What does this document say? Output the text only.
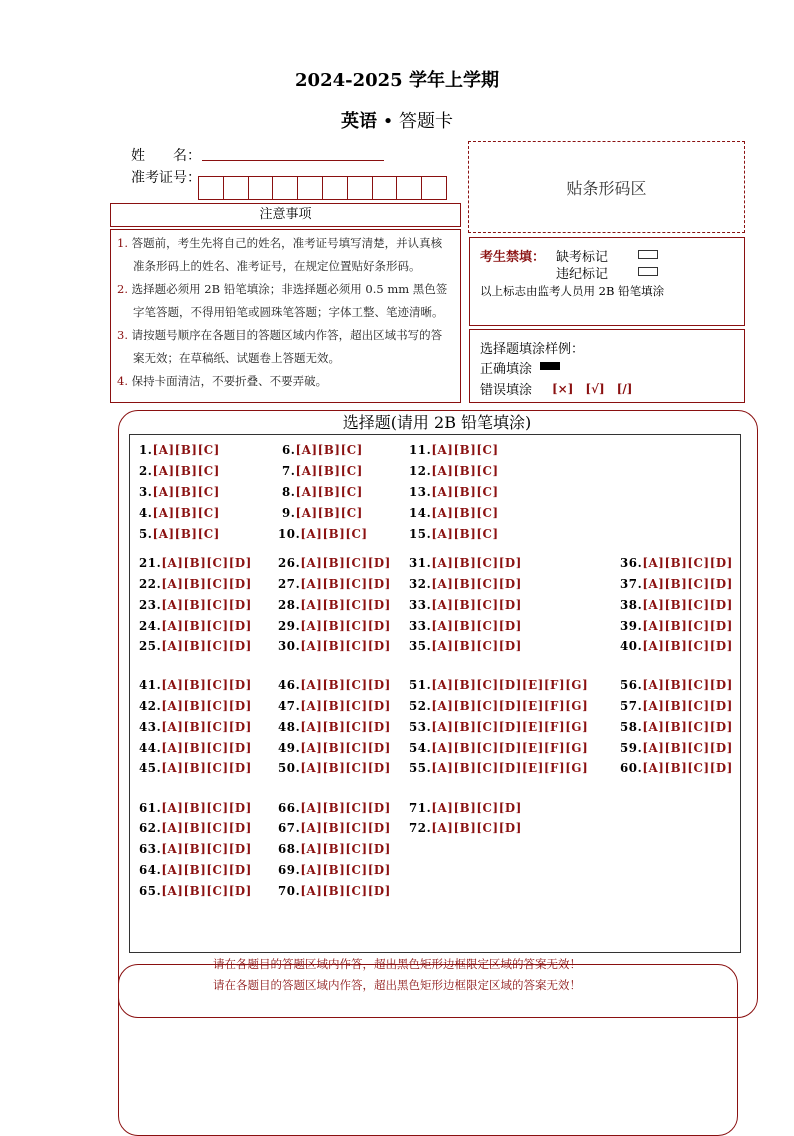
2024-2025 学年上学期
英语 • 答题卡
姓　　名：
准考证号：
贴条形码区
注意事项
1. 答题前，考生先将自己的姓名，准考证号填写清楚，并认真核
准条形码上的姓名、准考证号，在规定位置贴好条形码。
2. 选择题必须用 2B 铅笔填涂；非选择题必须用 0.5 mm 黑色签
字笔答题，不得用铅笔或圆珠笔答题；字体工整、笔迹清晰。
3. 请按题号顺序在各题目的答题区域内作答，超出区域书写的答
案无效；在草稿纸、试题卷上答题无效。
4. 保持卡面清洁，不要折叠、不要弄破。
考生禁填： 缺考标记
违纪标记
以上标志由监考人员用 2B 铅笔填涂
选择题填涂样例：
正确填涂
错误填涂 [×]　[√]　[/]
选择题(请用 2B 铅笔填涂)
1.[A][B][C]
2.[A][B][C]
3.[A][B][C]
4.[A][B][C]
5.[A][B][C]
6.[A][B][C]
7.[A][B][C]
8.[A][B][C]
9.[A][B][C]
10.[A][B][C]
11.[A][B][C]
12.[A][B][C]
13.[A][B][C]
14.[A][B][C]
15.[A][B][C]
21.[A][B][C][D]
22.[A][B][C][D]
23.[A][B][C][D]
24.[A][B][C][D]
25.[A][B][C][D]
26.[A][B][C][D]
27.[A][B][C][D]
28.[A][B][C][D]
29.[A][B][C][D]
30.[A][B][C][D]
31.[A][B][C][D]
32.[A][B][C][D]
33.[A][B][C][D]
33.[A][B][C][D]
35.[A][B][C][D]
36.[A][B][C][D]
37.[A][B][C][D]
38.[A][B][C][D]
39.[A][B][C][D]
40.[A][B][C][D]
41.[A][B][C][D]
42.[A][B][C][D]
43.[A][B][C][D]
44.[A][B][C][D]
45.[A][B][C][D]
46.[A][B][C][D]
47.[A][B][C][D]
48.[A][B][C][D]
49.[A][B][C][D]
50.[A][B][C][D]
51.[A][B][C][D][E][F][G]
52.[A][B][C][D][E][F][G]
53.[A][B][C][D][E][F][G]
54.[A][B][C][D][E][F][G]
55.[A][B][C][D][E][F][G]
56.[A][B][C][D]
57.[A][B][C][D]
58.[A][B][C][D]
59.[A][B][C][D]
60.[A][B][C][D]
61.[A][B][C][D]
62.[A][B][C][D]
63.[A][B][C][D]
64.[A][B][C][D]
65.[A][B][C][D]
66.[A][B][C][D]
67.[A][B][C][D]
68.[A][B][C][D]
69.[A][B][C][D]
70.[A][B][C][D]
71.[A][B][C][D]
72.[A][B][C][D]
请在各题目的答题区域内作答，超出黑色矩形边框限定区域的答案无效！
请在各题目的答题区域内作答，超出黑色矩形边框限定区域的答案无效！
